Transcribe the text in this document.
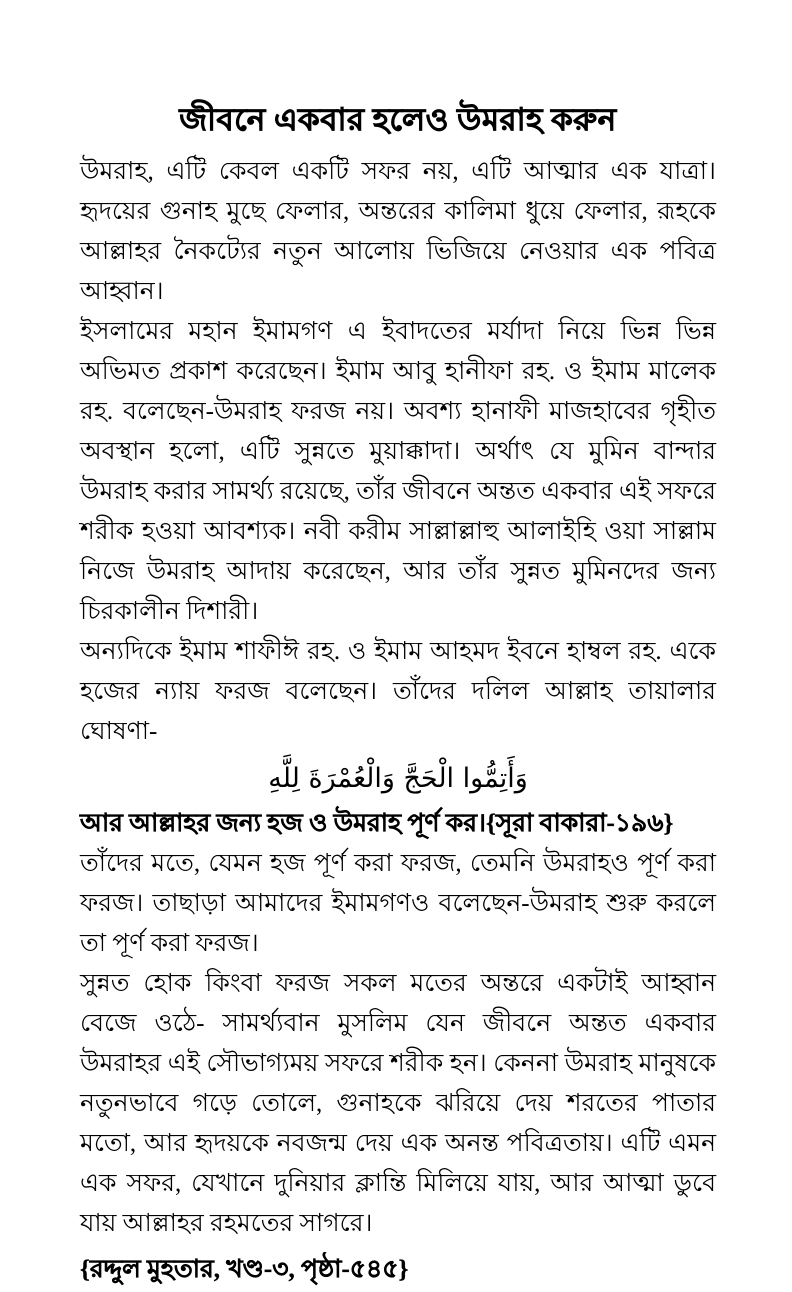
জীবনে একবার হলেও উমরাহ করুন

উমরাহ, এটি কেবল একটি সফর নয়, এটি আত্মার এক যাত্রা। হৃদয়ের গুনাহ মুছে ফেলার, অন্তরের কালিমা ধুয়ে ফেলার, রূহকে আল্লাহর নৈকট্যের নতুন আলোয় ভিজিয়ে নেওয়ার এক পবিত্র আহ্বান।

ইসলামের মহান ইমামগণ এ ইবাদতের মর্যাদা নিয়ে ভিন্ন ভিন্ন অভিমত প্রকাশ করেছেন। ইমাম আবু হানীফা রহ. ও ইমাম মালেক রহ. বলেছেন-উমরাহ ফরজ নয়। অবশ্য হানাফী মাজহাবের গৃহীত অবস্থান হলো, এটি সুন্নতে মুয়াক্কাদা। অর্থাৎ যে মুমিন বান্দার উমরাহ করার সামর্থ্য রয়েছে, তাঁর জীবনে অন্তত একবার এই সফরে শরীক হওয়া আবশ্যক। নবী করীম সাল্লাল্লাহু আলাইহি ওয়া সাল্লাম নিজে উমরাহ আদায় করেছেন, আর তাঁর সুন্নত মুমিনদের জন্য চিরকালীন দিশারী।

অন্যদিকে ইমাম শাফীঈ রহ. ও ইমাম আহমদ ইবনে হাম্বল রহ. একে হজের ন্যায় ফরজ বলেছেন। তাঁদের দলিল আল্লাহ তায়ালার ঘোষণা-

وَأَتِمُّوا الْحَجَّ وَالْعُمْرَةَ لِلَّهِ

আর আল্লাহর জন্য হজ ও উমরাহ পূর্ণ কর।{সূরা বাকারা-১৯৬}

তাঁদের মতে, যেমন হজ পূর্ণ করা ফরজ, তেমনি উমরাহও পূর্ণ করা ফরজ। তাছাড়া আমাদের ইমামগণও বলেছেন-উমরাহ শুরু করলে তা পূর্ণ করা ফরজ।

সুন্নত হোক কিংবা ফরজ সকল মতের অন্তরে একটাই আহ্বান বেজে ওঠে- সামর্থ্যবান মুসলিম যেন জীবনে অন্তত একবার উমরাহর এই সৌভাগ্যময় সফরে শরীক হন। কেননা উমরাহ মানুষকে নতুনভাবে গড়ে তোলে, গুনাহকে ঝরিয়ে দেয় শরতের পাতার মতো, আর হৃদয়কে নবজন্ম দেয় এক অনন্ত পবিত্রতায়। এটি এমন এক সফর, যেখানে দুনিয়ার ক্লান্তি মিলিয়ে যায়, আর আত্মা ডুবে যায় আল্লাহর রহমতের সাগরে।

{রদ্দুল মুহতার, খণ্ড-৩, পৃষ্ঠা-৫৪৫}
